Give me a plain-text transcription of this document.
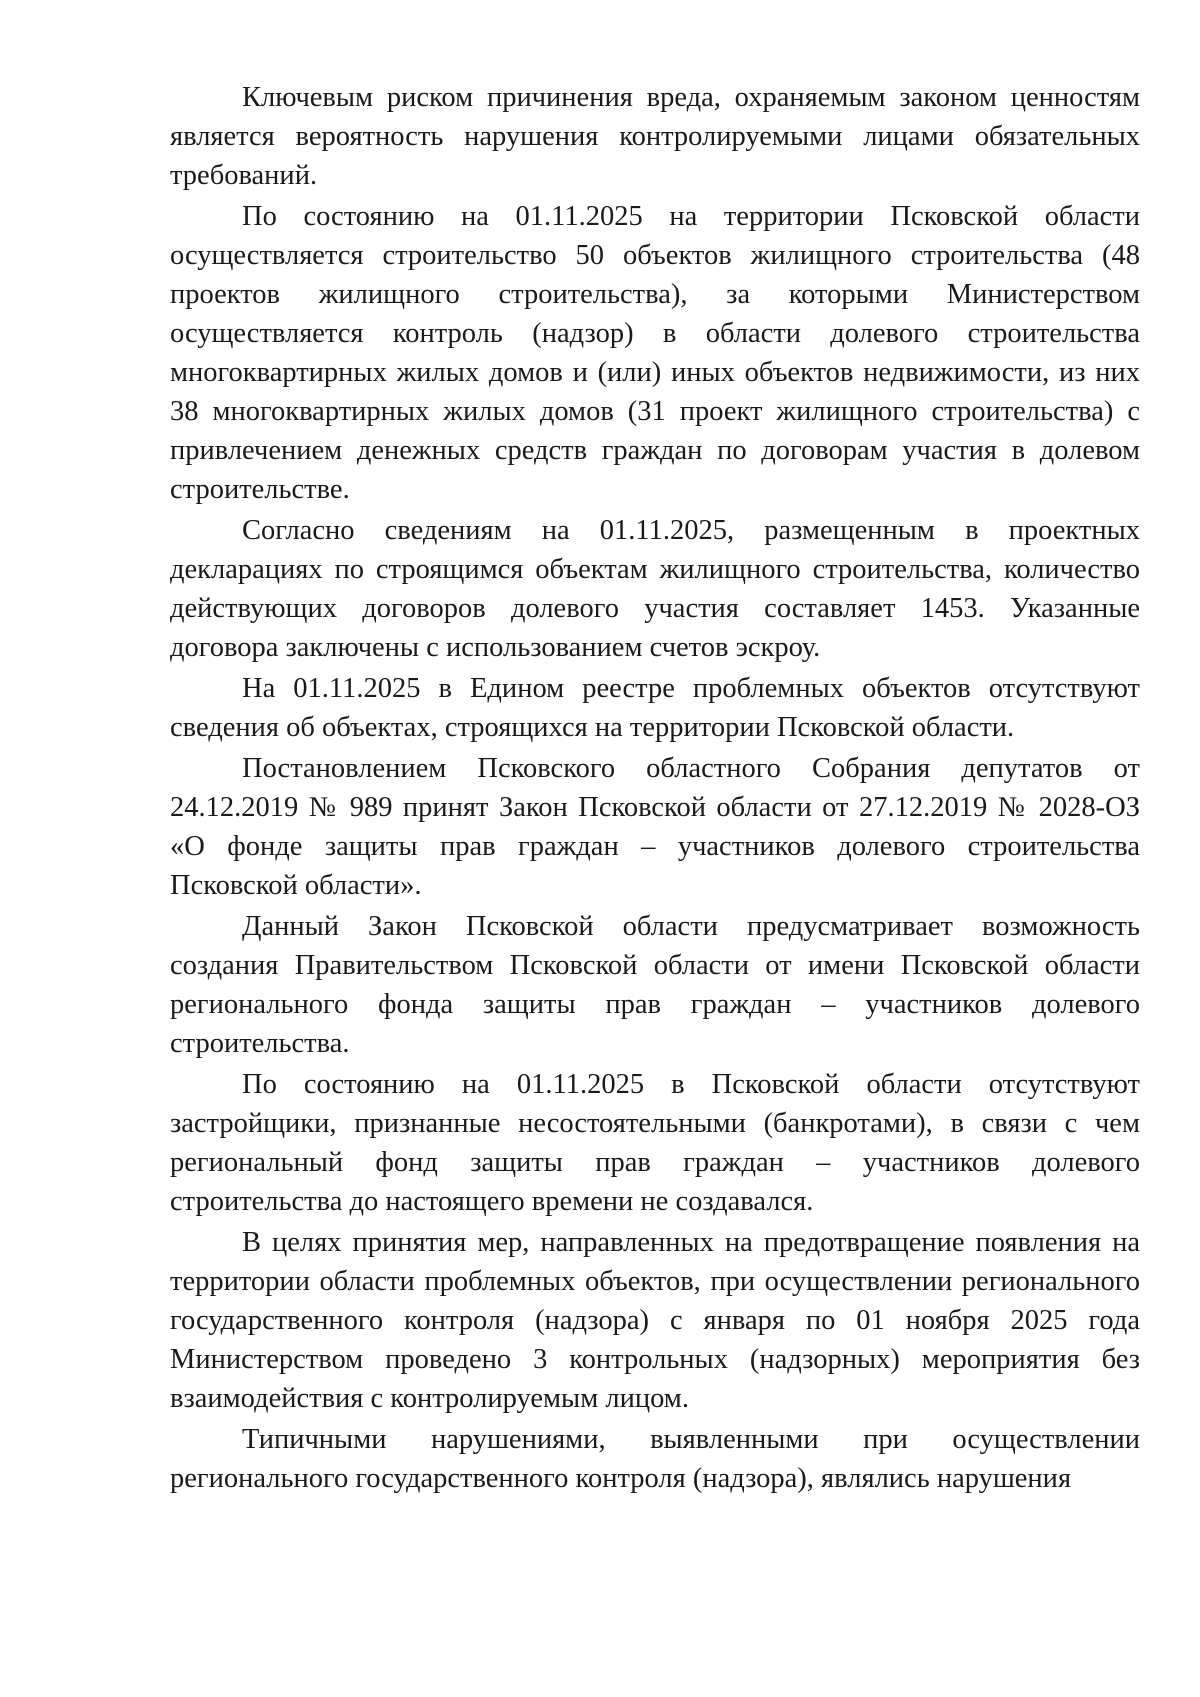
Ключевым риском причинения вреда, охраняемым законом ценностям является вероятность нарушения контролируемыми лицами обязательных требований.

По состоянию на 01.11.2025 на территории Псковской области осуществляется строительство 50 объектов жилищного строительства (48 проектов жилищного строительства), за которыми Министерством осуществляется контроль (надзор) в области долевого строительства многоквартирных жилых домов и (или) иных объектов недвижимости, из них 38 многоквартирных жилых домов (31 проект жилищного строительства) с привлечением денежных средств граждан по договорам участия в долевом строительстве.

Согласно сведениям на 01.11.2025, размещенным в проектных декларациях по строящимся объектам жилищного строительства, количество действующих договоров долевого участия составляет 1453. Указанные договора заключены с использованием счетов эскроу.

На 01.11.2025 в Едином реестре проблемных объектов отсутствуют сведения об объектах, строящихся на территории Псковской области.

Постановлением Псковского областного Собрания депутатов от 24.12.2019 № 989 принят Закон Псковской области от 27.12.2019 № 2028-ОЗ «О фонде защиты прав граждан – участников долевого строительства Псковской области».

Данный Закон Псковской области предусматривает возможность создания Правительством Псковской области от имени Псковской области регионального фонда защиты прав граждан – участников долевого строительства.

По состоянию на 01.11.2025 в Псковской области отсутствуют застройщики, признанные несостоятельными (банкротами), в связи с чем региональный фонд защиты прав граждан – участников долевого строительства до настоящего времени не создавался.

В целях принятия мер, направленных на предотвращение появления на территории области проблемных объектов, при осуществлении регионального государственного контроля (надзора) с января по 01 ноября 2025 года Министерством проведено 3 контрольных (надзорных) мероприятия без взаимодействия с контролируемым лицом.

Типичными нарушениями, выявленными при осуществлении регионального государственного контроля (надзора), являлись нарушения
